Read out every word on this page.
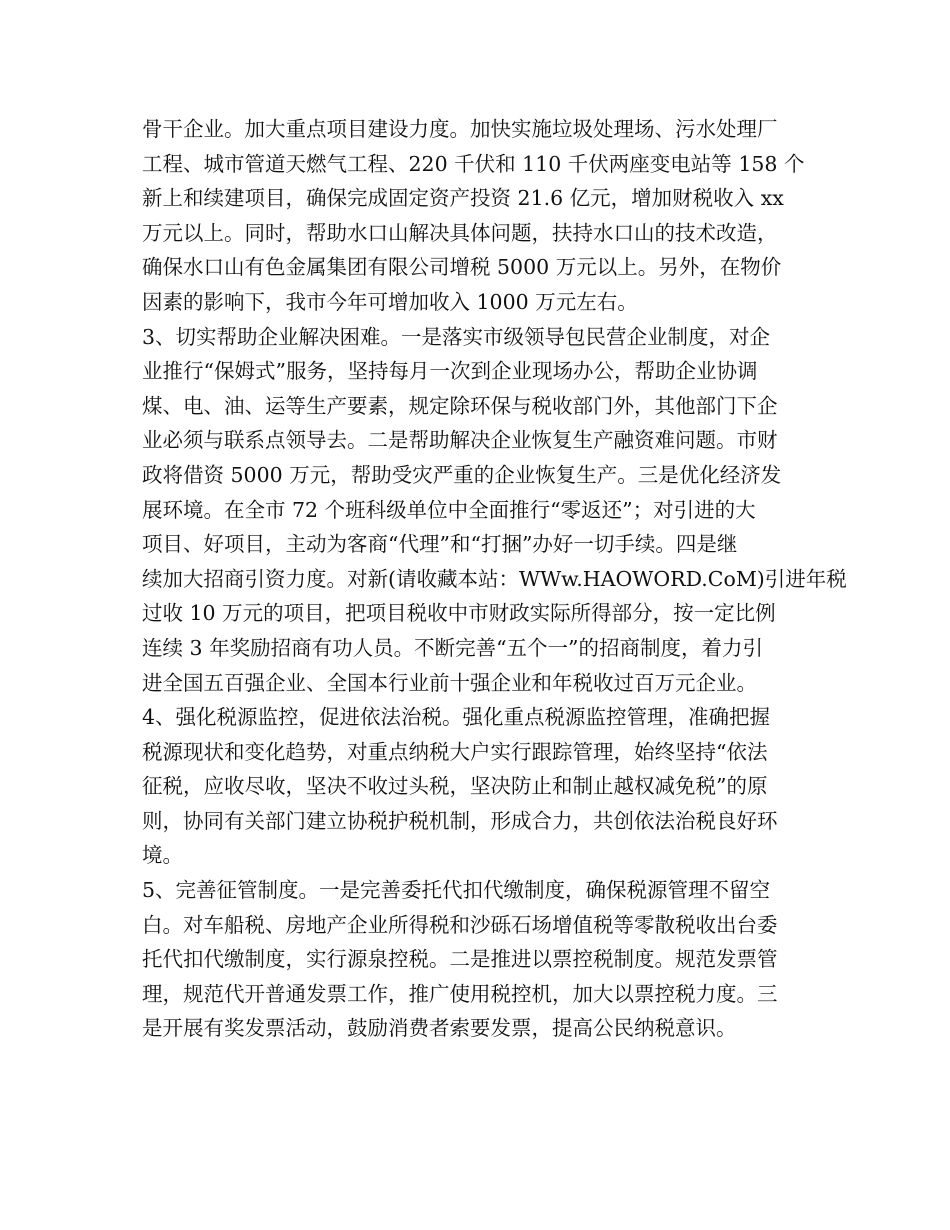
骨干企业。加大重点项目建设力度。加快实施垃圾处理场、污水处理厂
工程、城市管道天燃气工程、220 千伏和 110 千伏两座变电站等 158 个
新上和续建项目，确保完成固定资产投资 21.6 亿元，增加财税收入 xx
万元以上。同时，帮助水口山解决具体问题，扶持水口山的技术改造，
确保水口山有色金属集团有限公司增税 5000 万元以上。另外，在物价
因素的影响下，我市今年可增加收入 1000 万元左右。
3、切实帮助企业解决困难。一是落实市级领导包民营企业制度，对企
业推行“保姆式”服务，坚持每月一次到企业现场办公，帮助企业协调
煤、电、油、运等生产要素，规定除环保与税收部门外，其他部门下企
业必须与联系点领导去。二是帮助解决企业恢复生产融资难问题。市财
政将借资 5000 万元，帮助受灾严重的企业恢复生产。三是优化经济发
展环境。在全市 72 个班科级单位中全面推行“零返还”；对引进的大
项目、好项目，主动为客商“代理”和“打捆”办好一切手续。四是继
续加大招商引资力度。对新(请收藏本站：WWw.HAOWORD.CoM)引进年税
过收 10 万元的项目，把项目税收中市财政实际所得部分，按一定比例
连续 3 年奖励招商有功人员。不断完善“五个一”的招商制度，着力引
进全国五百强企业、全国本行业前十强企业和年税收过百万元企业。
4、强化税源监控，促进依法治税。强化重点税源监控管理，准确把握
税源现状和变化趋势，对重点纳税大户实行跟踪管理，始终坚持“依法
征税，应收尽收，坚决不收过头税，坚决防止和制止越权减免税”的原
则，协同有关部门建立协税护税机制，形成合力，共创依法治税良好环
境。
5、完善征管制度。一是完善委托代扣代缴制度，确保税源管理不留空
白。对车船税、房地产企业所得税和沙砾石场增值税等零散税收出台委
托代扣代缴制度，实行源泉控税。二是推进以票控税制度。规范发票管
理，规范代开普通发票工作，推广使用税控机，加大以票控税力度。三
是开展有奖发票活动，鼓励消费者索要发票，提高公民纳税意识。
